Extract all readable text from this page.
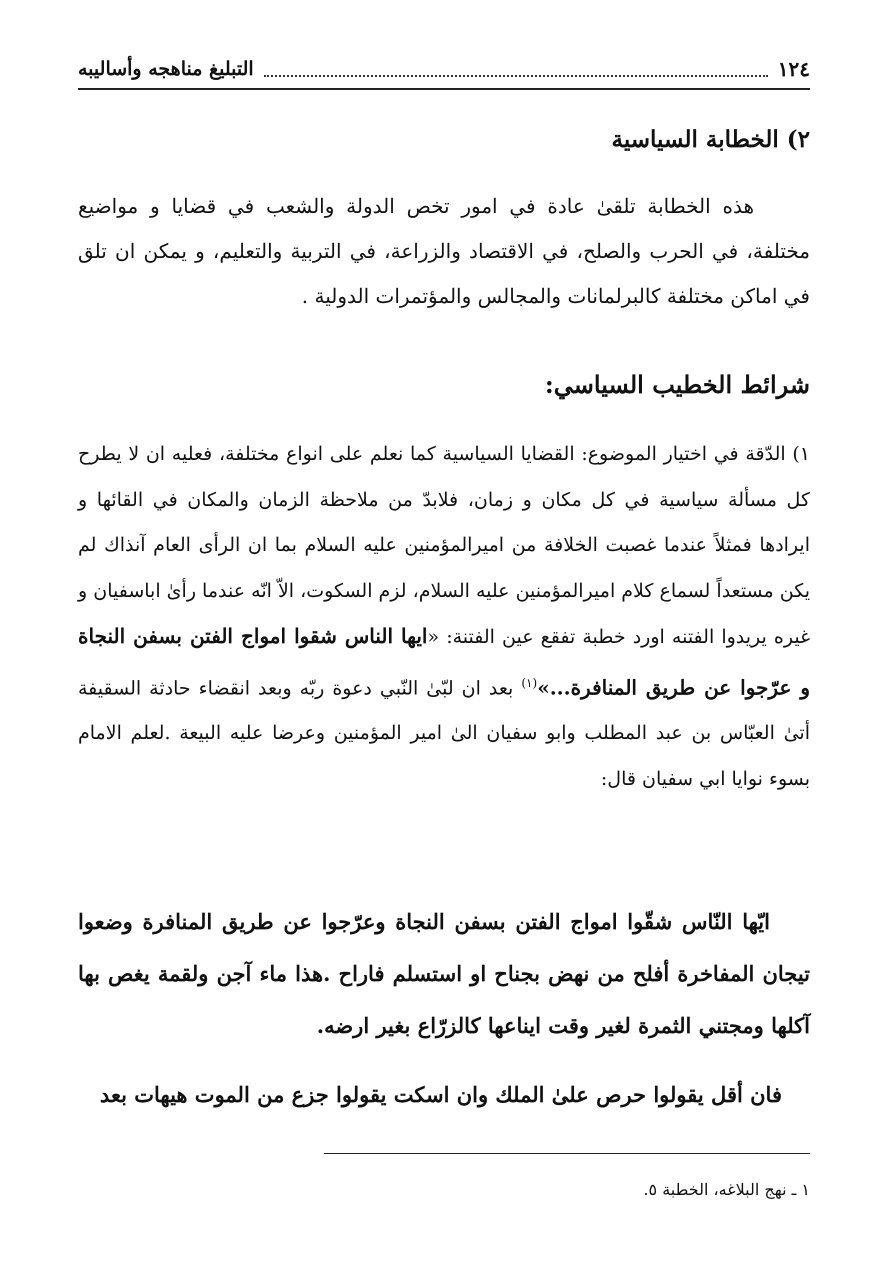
١٢٤
التبليغ مناهجه وأساليبه
٢) الخطابة السياسية

هذه الخطابة تلقىٰ عادة في امور تخص الدولة والشعب في قضايا و مواضيع مختلفة، في الحرب والصلح، في الاقتصاد والزراعة، في التربية والتعليم، و يمكن ان تلق في اماكن مختلفة كالبرلمانات والمجالس والمؤتمرات الدولية .

شرائط الخطيب السياسي:

١) الدّقة في اختيار الموضوع: القضايا السياسية كما نعلم على انواع مختلفة، فعليه ان لا يطرح كل مسألة سياسية في كل مكان و زمان، فلابدّ من ملاحظة الزمان والمكان في القائها و ايرادها فمثلاً عندما غصبت الخلافة من اميرالمؤمنين عليه السلام بما ان الرأى العام آنذاك لم يكن مستعداً لسماع كلام اميرالمؤمنين عليه السلام، لزم السكوت، الاّ انّه عندما رأىٰ اباسفيان و غيره يريدوا الفتنه اورد خطبة تفقع عين الفتنة: «ايها الناس شقوا امواج الفتن بسفن النجاة و عرّجوا عن طريق المنافرة...»$^{(١)}$ بعد ان لبّىٰ النّبي دعوة ربّه وبعد انقضاء حادثة السقيفة أتىٰ العبّاس بن عبد المطلب وابو سفيان الىٰ امير المؤمنين وعرضا عليه البيعة .لعلم الامام بسوء نوايا ابي سفيان قال:

ايّها النّاس شقّوا امواج الفتن بسفن النجاة وعرّجوا عن طريق المنافرة وضعوا تيجان المفاخرة أفلح من نهض بجناح او استسلم فاراح .هذا ماء آجن ولقمة يغص بها آكلها ومجتني الثمرة لغير وقت ايناعها كالزرّاع بغير ارضه.

فان أقل يقولوا حرص علىٰ الملك وان اسكت يقولوا جزع من الموت هيهات بعد

١ ـ نهج البلاغه، الخطبة ٥.
